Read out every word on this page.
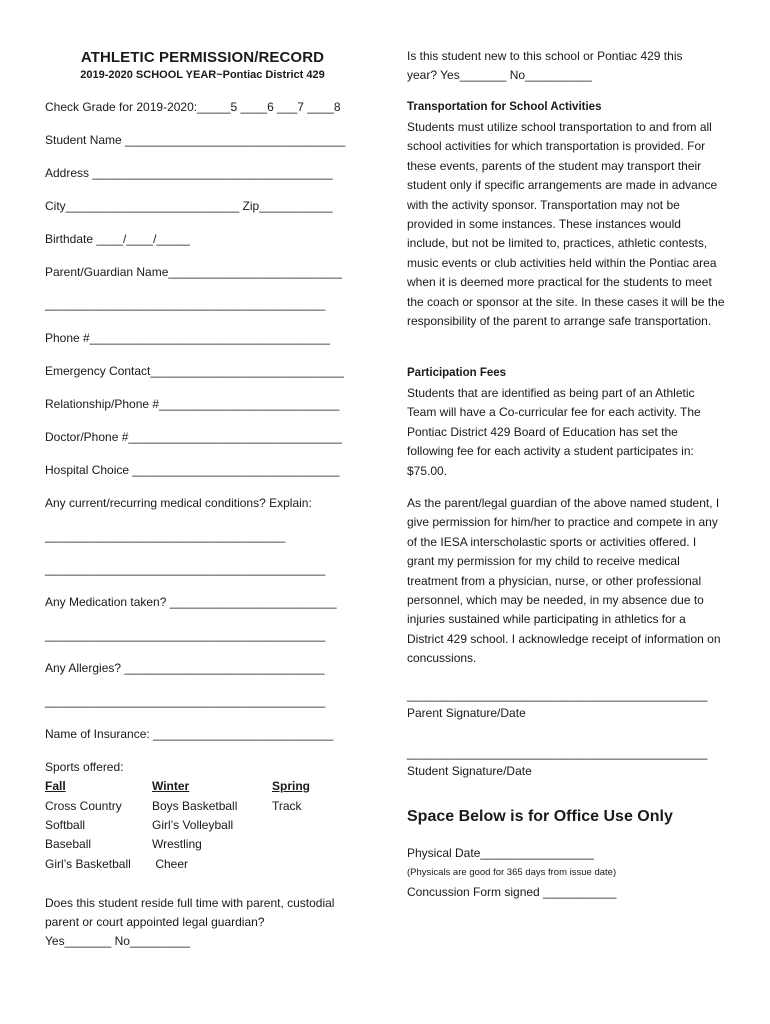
ATHLETIC PERMISSION/RECORD
2019-2020 SCHOOL YEAR~Pontiac District 429
Check Grade for 2019-2020:_____5 ____6 ___7 ____8
Student Name _________________________________
Address ____________________________________
City__________________________ Zip___________
Birthdate ____/____/_____
Parent/Guardian Name__________________________
__________________________________________
Phone #____________________________________
Emergency Contact_____________________________
Relationship/Phone #___________________________
Doctor/Phone #________________________________
Hospital Choice _______________________________
Any current/recurring medical conditions? Explain:
____________________________________
__________________________________________
Any Medication taken? _________________________
__________________________________________
Any Allergies? ______________________________
__________________________________________
Name of Insurance: ___________________________
Sports offered:
Fall	Winter	Spring
Cross Country
Softball
Baseball
Girl’s Basketball
Boys Basketball
Girl’s Volleyball
Wrestling
Cheer
Track
Does this student reside full time with parent, custodial
parent or court appointed legal guardian?
Yes_______ No_________
Is this student new to this school or Pontiac 429 this
year? Yes_______ No__________
Transportation for School Activities
Students must utilize school transportation to and from all school activities for which transportation is provided. For these events, parents of the student may transport their student only if specific arrangements are made in advance with the activity sponsor. Transportation may not be provided in some instances. These instances would include, but not be limited to, practices, athletic contests, music events or club activities held within the Pontiac area when it is deemed more practical for the students to meet the coach or sponsor at the site. In these cases it will be the responsibility of the parent to arrange safe transportation.
Participation Fees
Students that are identified as being part of an Athletic Team will have a Co-curricular fee for each activity. The Pontiac District 429 Board of Education has set the following fee for each activity a student participates in: $75.00.
As the parent/legal guardian of the above named student, I give permission for him/her to practice and compete in any of the IESA interscholastic sports or activities offered. I grant my permission for my child to receive medical treatment from a physician, nurse, or other professional personnel, which may be needed, in my absence due to injuries sustained while participating in athletics for a District 429 school. I acknowledge receipt of information on concussions.
_____________________________________________
Parent Signature/Date
_____________________________________________
Student Signature/Date
Space Below is for Office Use Only
Physical Date_________________
(Physicals are good for 365 days from issue date)
Concussion Form signed ___________
